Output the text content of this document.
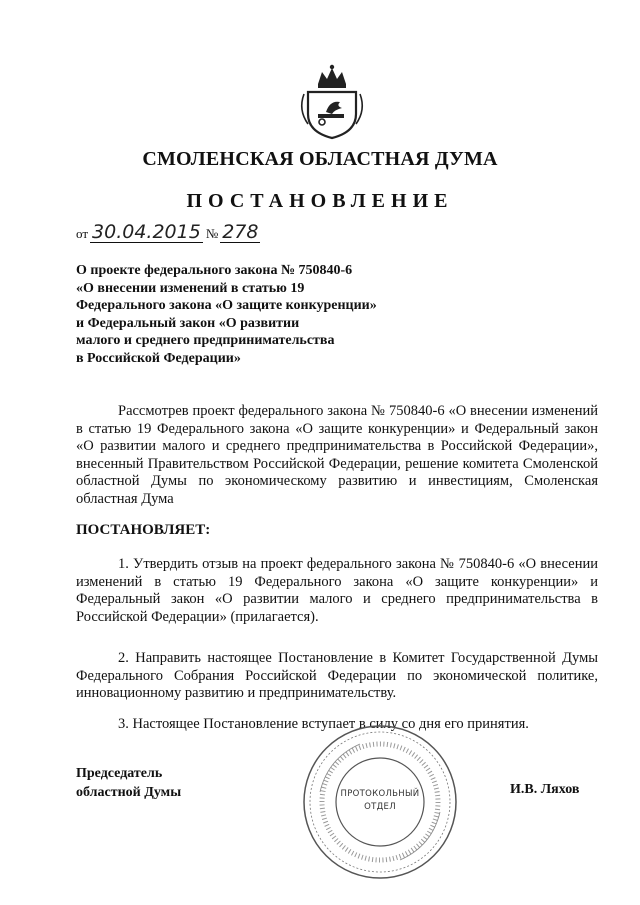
СМОЛЕНСКАЯ ОБЛАСТНАЯ ДУМА
ПОСТАНОВЛЕНИЕ
от 30.04.2015 № 278
О проекте федерального закона № 750840-6
«О внесении изменений в статью 19
Федерального закона «О защите конкуренции»
и Федеральный закон «О развитии
малого и среднего предпринимательства
в Российской Федерации»
Рассмотрев проект федерального закона № 750840-6 «О внесении изменений в статью 19 Федерального закона «О защите конкуренции» и Федеральный закон «О развитии малого и среднего предпринимательства в Российской Федерации», внесенный Правительством Российской Федерации, решение комитета Смоленской областной Думы по экономическому развитию и инвестициям, Смоленская областная Дума
ПОСТАНОВЛЯЕТ:
1. Утвердить отзыв на проект федерального закона № 750840-6 «О внесении изменений в статью 19 Федерального закона «О защите конкуренции» и Федеральный закон «О развитии малого и среднего предпринимательства в Российской Федерации» (прилагается).
2. Направить настоящее Постановление в Комитет Государственной Думы Федерального Собрания Российской Федерации по экономической политике, инновационному развитию и предпринимательству.
3. Настоящее Постановление вступает в силу со дня его принятия.
Председатель
областной Думы	И.В. Ляхов
ПРОТОКОЛЬНЫЙ
ОТДЕЛ
